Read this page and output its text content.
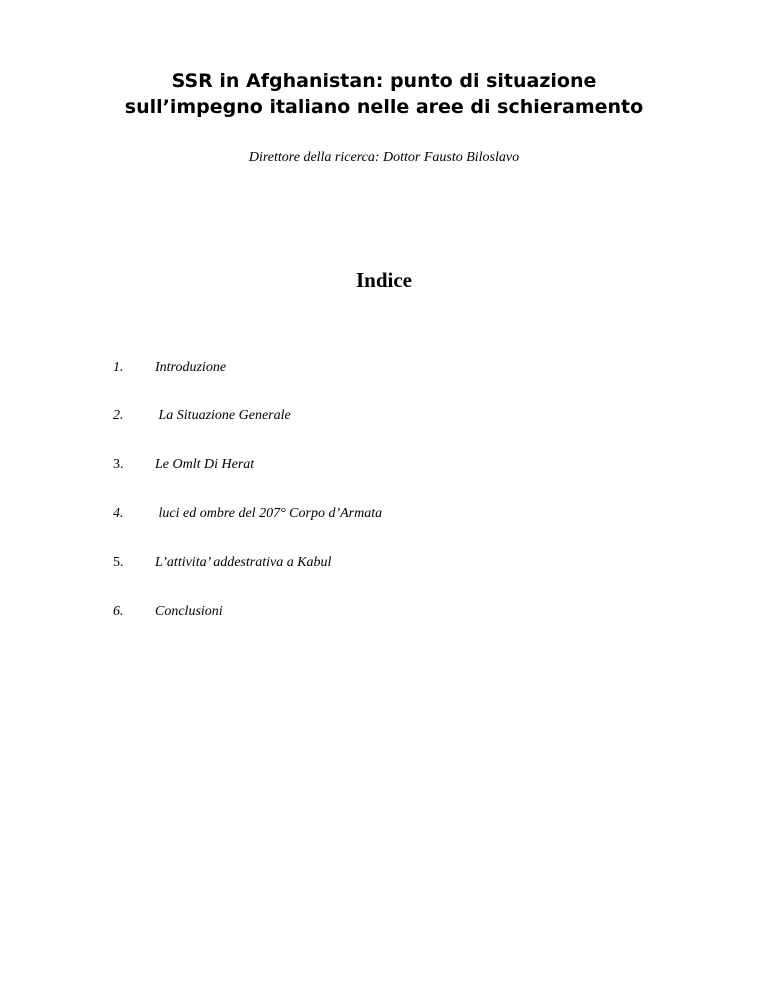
SSR in Afghanistan: punto di situazione
sull’impegno italiano nelle aree di schieramento

Direttore della ricerca: Dottor Fausto Biloslavo

Indice
1. Introduzione
2. La Situazione Generale
3. Le Omlt Di Herat
4. luci ed ombre del 207° Corpo d’Armata
5. L’attivita’ addestrativa a Kabul
6. Conclusioni
